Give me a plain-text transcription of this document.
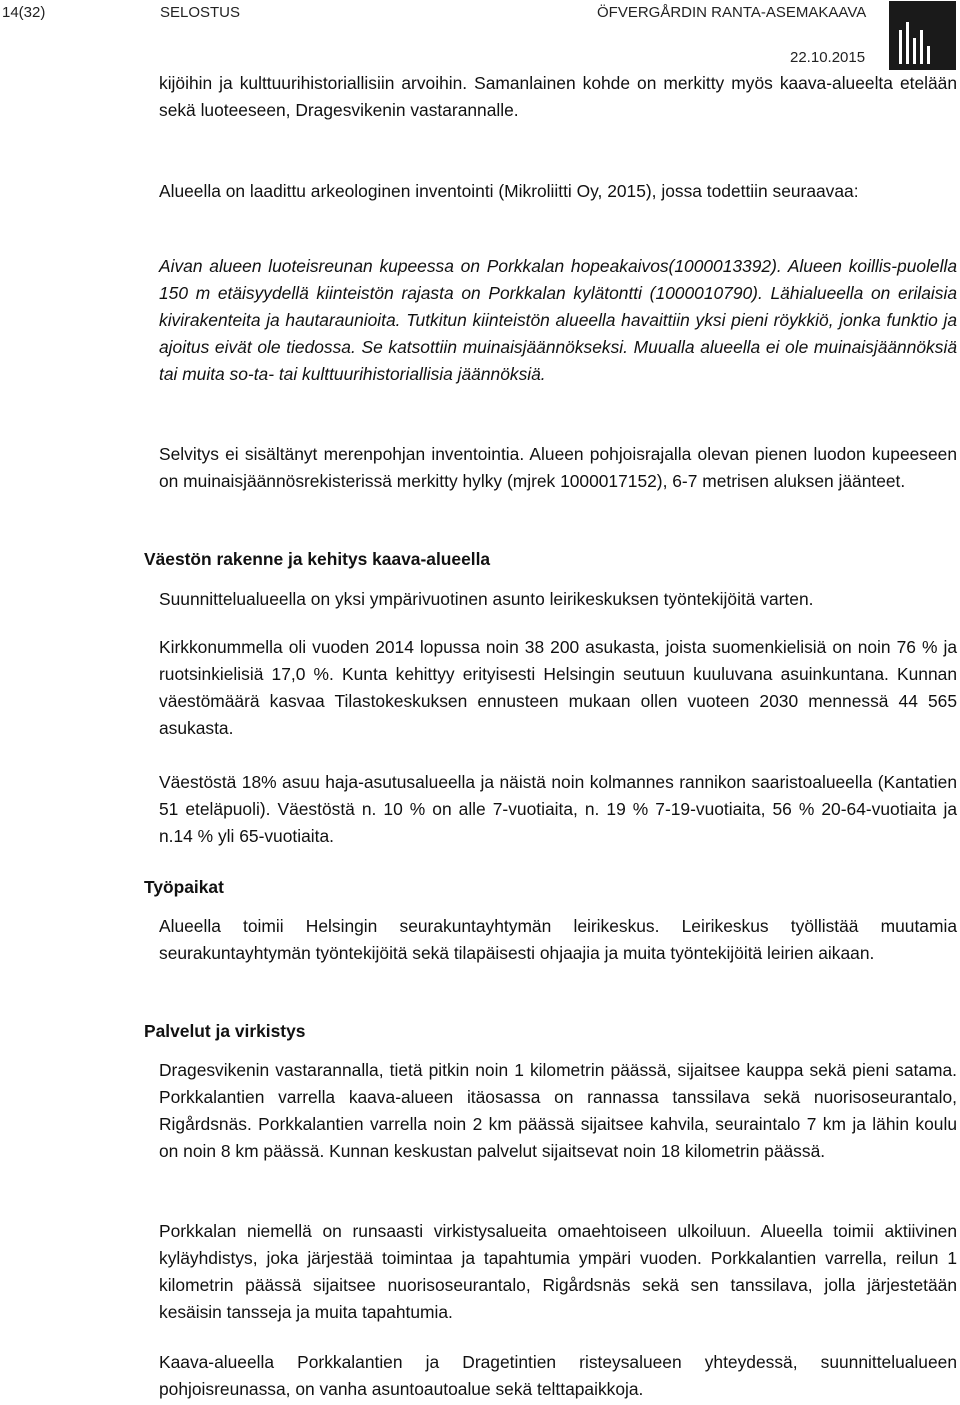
14(32)	SELOSTUS	ÖFVERGÅRDIN RANTA-ASEMAKAAVA
22.10.2015

kijöihin ja kulttuurihistoriallisiin arvoihin. Samanlainen kohde on merkitty myös kaava-alueelta etelään sekä luoteeseen, Dragesvikenin vastarannalle.

Alueella on laadittu arkeologinen inventointi (Mikroliitti Oy, 2015), jossa todettiin seuraavaa:

Aivan alueen luoteisreunan kupeessa on Porkkalan hopeakaivos(1000013392). Alueen koillis-puolella 150 m etäisyydellä kiinteistön rajasta on Porkkalan kylätontti (1000010790). Lähialueella on erilaisia kivirakenteita ja hautaraunioita. Tutkitun kiinteistön alueella havaittiin yksi pieni röykkiö, jonka funktio ja ajoitus eivät ole tiedossa. Se katsottiin muinaisjäännökseksi. Muualla alueella ei ole muinaisjäännöksiä tai muita so-ta- tai kulttuurihistoriallisia jäännöksiä.

Selvitys ei sisältänyt merenpohjan inventointia. Alueen pohjoisrajalla olevan pienen luodon kupeeseen on muinaisjäännösrekisterissä merkitty hylky (mjrek 1000017152), 6-7 metrisen aluksen jäänteet.

Väestön rakenne ja kehitys kaava-alueella

Suunnittelualueella on yksi ympärivuotinen asunto leirikeskuksen työntekijöitä varten.

Kirkkonummella oli vuoden 2014 lopussa noin 38 200 asukasta, joista suomenkielisiä on noin 76 % ja ruotsinkielisiä 17,0 %. Kunta kehittyy erityisesti Helsingin seutuun kuuluvana asuinkuntana. Kunnan väestömäärä kasvaa Tilastokeskuksen ennusteen mukaan ollen vuoteen 2030 mennessä 44 565 asukasta.

Väestöstä 18% asuu haja-asutusalueella ja näistä noin kolmannes rannikon saaristoalueella (Kantatien 51 eteläpuoli). Väestöstä n. 10 % on alle 7-vuotiaita, n. 19 % 7-19-vuotiaita, 56 % 20-64-vuotiaita ja n.14 % yli 65-vuotiaita.

Työpaikat

Alueella toimii Helsingin seurakuntayhtymän leirikeskus. Leirikeskus työllistää muutamia seurakuntayhtymän työntekijöitä sekä tilapäisesti ohjaajia ja muita työntekijöitä leirien aikaan.

Palvelut ja virkistys

Dragesvikenin vastarannalla, tietä pitkin noin 1 kilometrin päässä, sijaitsee kauppa sekä pieni satama. Porkkalantien varrella kaava-alueen itäosassa on rannassa tanssilava sekä nuorisoseurantalo, Rigårdsnäs. Porkkalantien varrella noin 2 km päässä sijaitsee kahvila, seuraintalo 7 km ja lähin koulu on noin 8 km päässä. Kunnan keskustan palvelut sijaitsevat noin 18 kilometrin päässä.

Porkkalan niemellä on runsaasti virkistysalueita omaehtoiseen ulkoiluun. Alueella toimii aktiivinen kyläyhdistys, joka järjestää toimintaa ja tapahtumia ympäri vuoden. Porkkalantien varrella, reilun 1 kilometrin päässä sijaitsee nuorisoseurantalo, Rigårdsnäs sekä sen tanssilava, jolla järjestetään kesäisin tansseja ja muita tapahtumia.

Kaava-alueella Porkkalantien ja Dragetintien risteysalueen yhteydessä, suunnittelualueen pohjoisreunassa, on vanha asuntoautoalue sekä telttapaikkoja.
